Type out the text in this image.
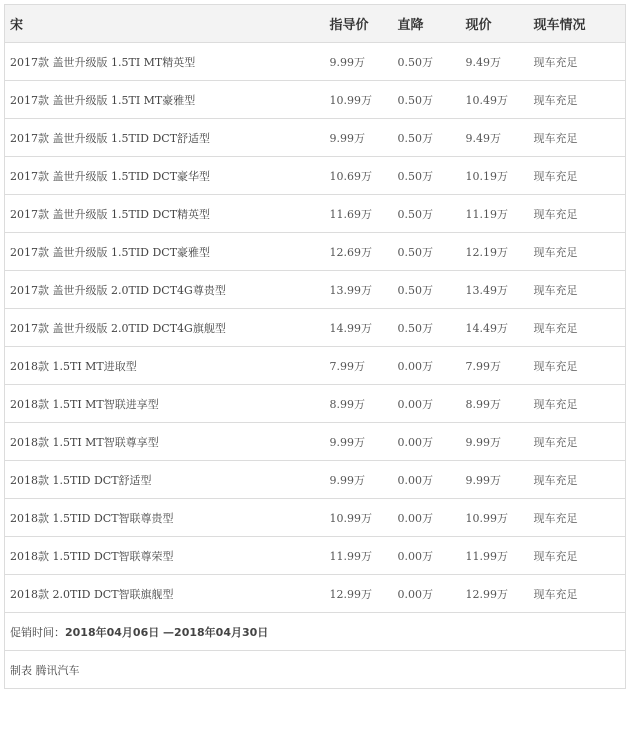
宋	指导价	直降	现价	现车情况
2017款 盖世升级版 1.5TI MT精英型	9.99万	0.50万	9.49万	现车充足
2017款 盖世升级版 1.5TI MT豪雅型	10.99万	0.50万	10.49万	现车充足
2017款 盖世升级版 1.5TID DCT舒适型	9.99万	0.50万	9.49万	现车充足
2017款 盖世升级版 1.5TID DCT豪华型	10.69万	0.50万	10.19万	现车充足
2017款 盖世升级版 1.5TID DCT精英型	11.69万	0.50万	11.19万	现车充足
2017款 盖世升级版 1.5TID DCT豪雅型	12.69万	0.50万	12.19万	现车充足
2017款 盖世升级版 2.0TID DCT4G尊贵型	13.99万	0.50万	13.49万	现车充足
2017款 盖世升级版 2.0TID DCT4G旗舰型	14.99万	0.50万	14.49万	现车充足
2018款 1.5TI MT进取型	7.99万	0.00万	7.99万	现车充足
2018款 1.5TI MT智联进享型	8.99万	0.00万	8.99万	现车充足
2018款 1.5TI MT智联尊享型	9.99万	0.00万	9.99万	现车充足
2018款 1.5TID DCT舒适型	9.99万	0.00万	9.99万	现车充足
2018款 1.5TID DCT智联尊贵型	10.99万	0.00万	10.99万	现车充足
2018款 1.5TID DCT智联尊荣型	11.99万	0.00万	11.99万	现车充足
2018款 2.0TID DCT智联旗舰型	12.99万	0.00万	12.99万	现车充足
促销时间：2018年04月06日 —2018年04月30日				
制表 腾讯汽车				
